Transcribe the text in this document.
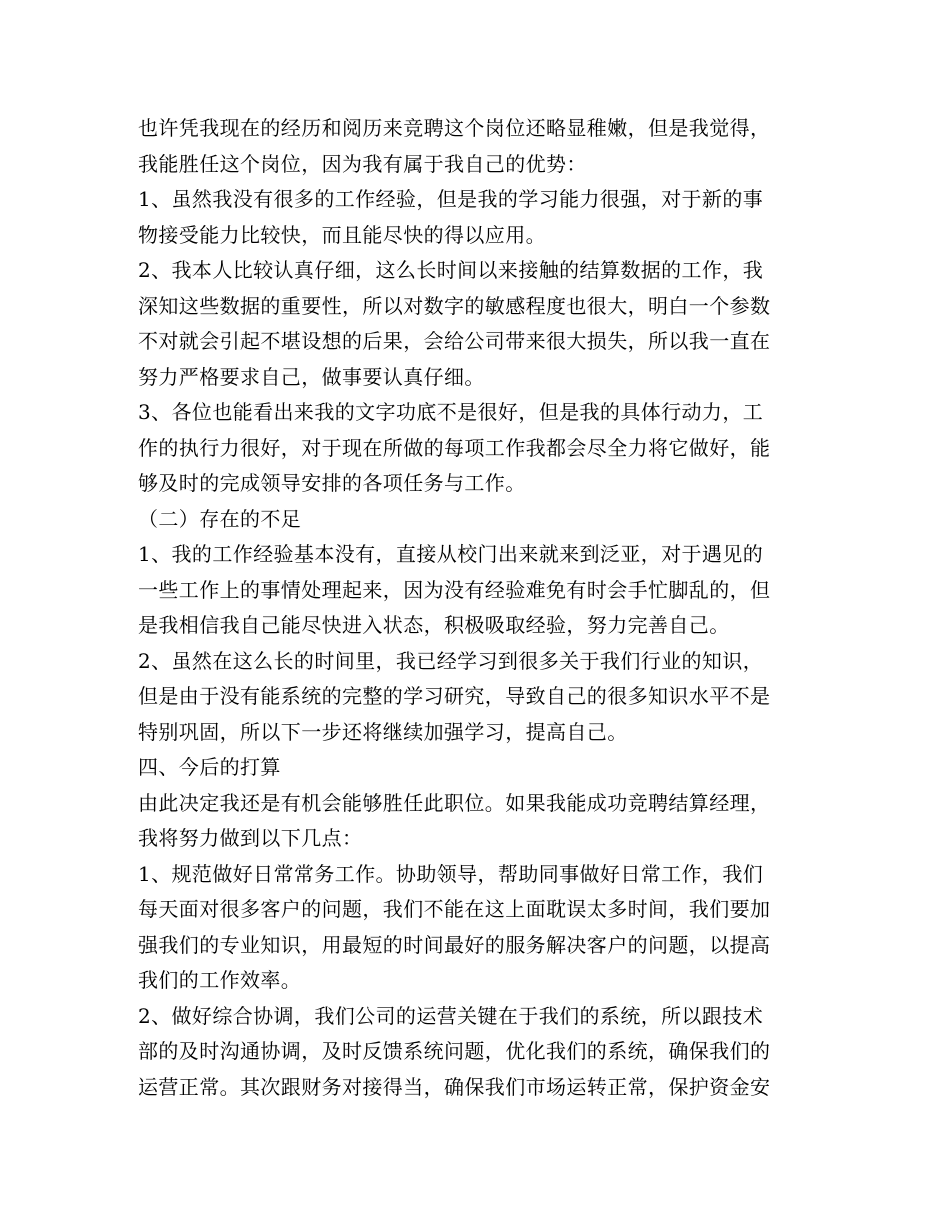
也许凭我现在的经历和阅历来竞聘这个岗位还略显稚嫩，但是我觉得，
我能胜任这个岗位，因为我有属于我自己的优势：
1、虽然我没有很多的工作经验，但是我的学习能力很强，对于新的事
物接受能力比较快，而且能尽快的得以应用。
2、我本人比较认真仔细，这么长时间以来接触的结算数据的工作，我
深知这些数据的重要性，所以对数字的敏感程度也很大，明白一个参数
不对就会引起不堪设想的后果，会给公司带来很大损失，所以我一直在
努力严格要求自己，做事要认真仔细。
3、各位也能看出来我的文字功底不是很好，但是我的具体行动力，工
作的执行力很好，对于现在所做的每项工作我都会尽全力将它做好，能
够及时的完成领导安排的各项任务与工作。
（二）存在的不足
1、我的工作经验基本没有，直接从校门出来就来到泛亚，对于遇见的
一些工作上的事情处理起来，因为没有经验难免有时会手忙脚乱的，但
是我相信我自己能尽快进入状态，积极吸取经验，努力完善自己。
2、虽然在这么长的时间里，我已经学习到很多关于我们行业的知识，
但是由于没有能系统的完整的学习研究，导致自己的很多知识水平不是
特别巩固，所以下一步还将继续加强学习，提高自己。
四、今后的打算
由此决定我还是有机会能够胜任此职位。如果我能成功竞聘结算经理，
我将努力做到以下几点：
1、规范做好日常常务工作。协助领导，帮助同事做好日常工作，我们
每天面对很多客户的问题，我们不能在这上面耽误太多时间，我们要加
强我们的专业知识，用最短的时间最好的服务解决客户的问题，以提高
我们的工作效率。
2、做好综合协调，我们公司的运营关键在于我们的系统，所以跟技术
部的及时沟通协调，及时反馈系统问题，优化我们的系统，确保我们的
运营正常。其次跟财务对接得当，确保我们市场运转正常，保护资金安
